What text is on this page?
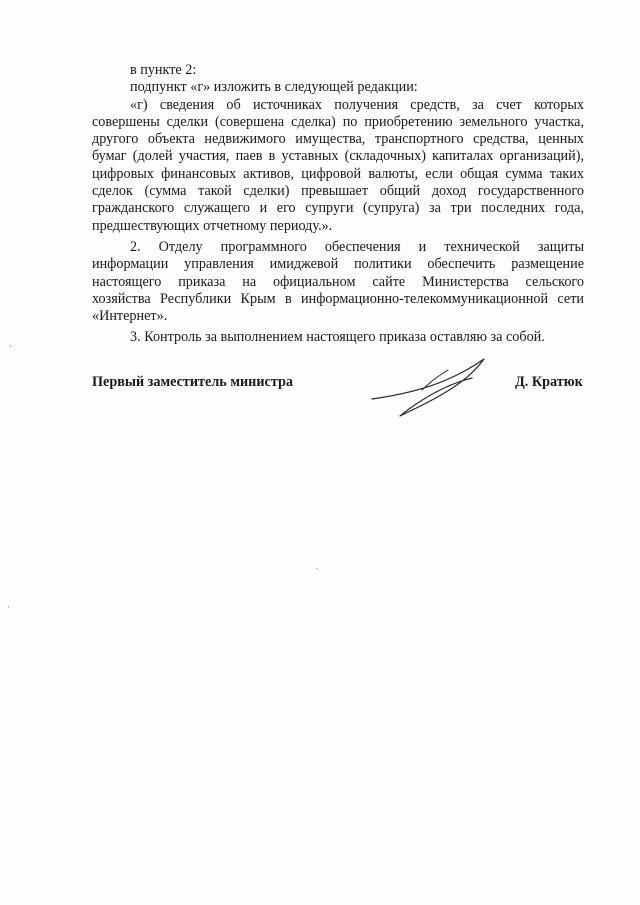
в пункте 2:
подпункт «г» изложить в следующей редакции:
«г) сведения об источниках получения средств, за счет которых
совершены сделки (совершена сделка) по приобретению земельного участка,
другого объекта недвижимого имущества, транспортного средства, ценных
бумаг (долей участия, паев в уставных (складочных) капиталах организаций),
цифровых финансовых активов, цифровой валюты, если общая сумма таких
сделок (сумма такой сделки) превышает общий доход государственного
гражданского служащего и его супруги (супруга) за три последних года,
предшествующих отчетному периоду.».
2. Отделу программного обеспечения и технической защиты
информации управления имиджевой политики обеспечить размещение
настоящего приказа на официальном сайте Министерства сельского
хозяйства Республики Крым в информационно-телекоммуникационной сети
«Интернет».
3. Контроль за выполнением настоящего приказа оставляю за собой.
Первый заместитель министра	Д. Кратюк
